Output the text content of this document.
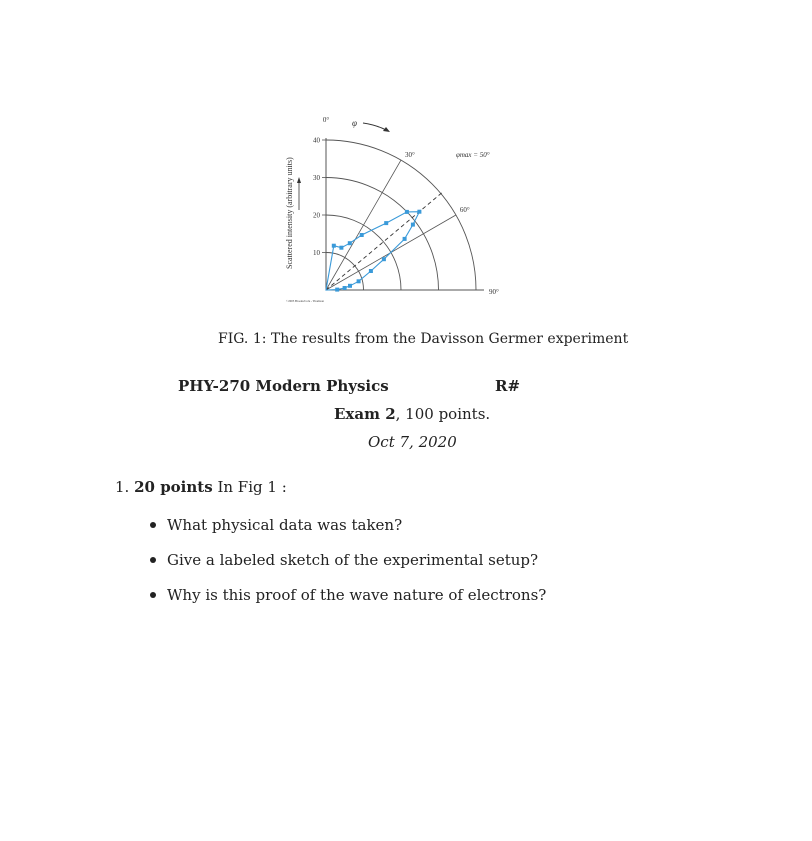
10
20
30
40
0°
30°
60°
90°
φ
φmax = 50°
Scattered intensity (arbitrary units)
©2005 Brooks/Cole - Thomson
FIG. 1: The results from the Davisson Germer experiment
PHY-270 Modern Physics	R#
Exam 2, 100 points.
Oct 7, 2020
1. 20 points In Fig 1 :
What physical data was taken?
Give a labeled sketch of the experimental setup?
Why is this proof of the wave nature of electrons?
